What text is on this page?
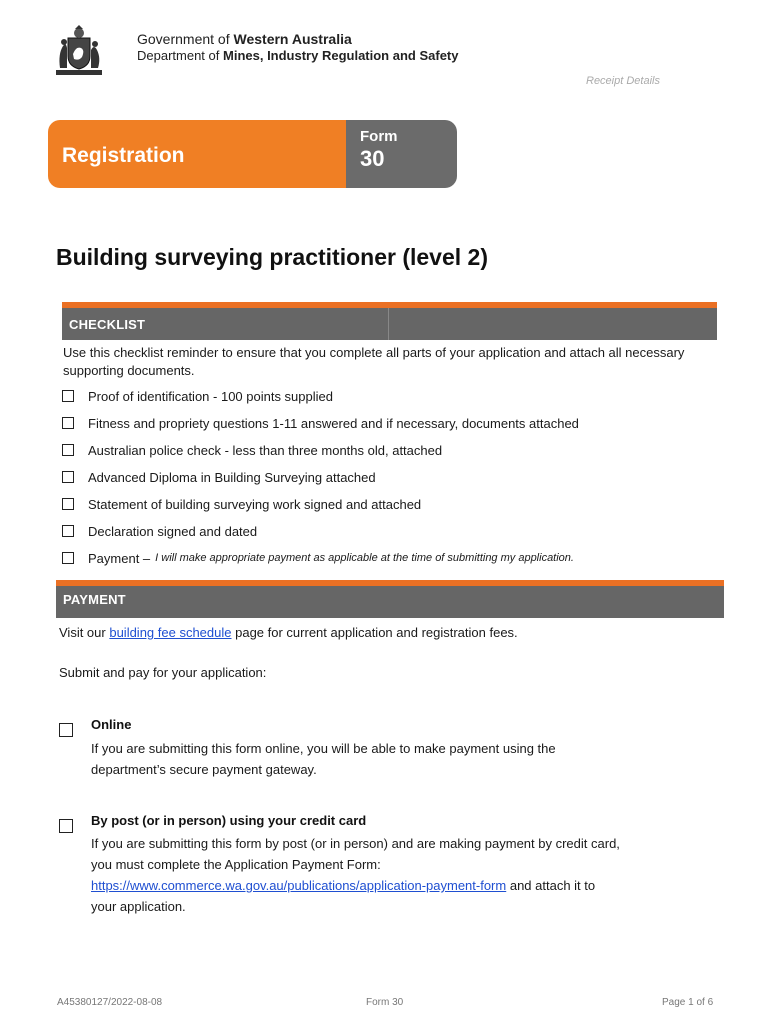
Government of Western Australia
Department of Mines, Industry Regulation and Safety
Receipt Details
Registration
Form
30
Building surveying practitioner (level 2)
CHECKLIST
Use this checklist reminder to ensure that you complete all parts of your application and attach all necessary supporting documents.
Proof of identification - 100 points supplied
Fitness and propriety questions 1-11 answered and if necessary, documents attached
Australian police check - less than three months old, attached
Advanced Diploma in Building Surveying attached
Statement of building surveying work signed and attached
Declaration signed and dated
Payment – I will make appropriate payment as applicable at the time of submitting my application.
PAYMENT
Visit our building fee schedule page for current application and registration fees.
Submit and pay for your application:
Online
If you are submitting this form online, you will be able to make payment using the
department’s secure payment gateway.
By post (or in person) using your credit card
If you are submitting this form by post (or in person) and are making payment by credit card,
you must complete the Application Payment Form:
https://www.commerce.wa.gov.au/publications/application-payment-form and attach it to
your application.
A45380127/2022-08-08	Form 30	Page 1 of 6
